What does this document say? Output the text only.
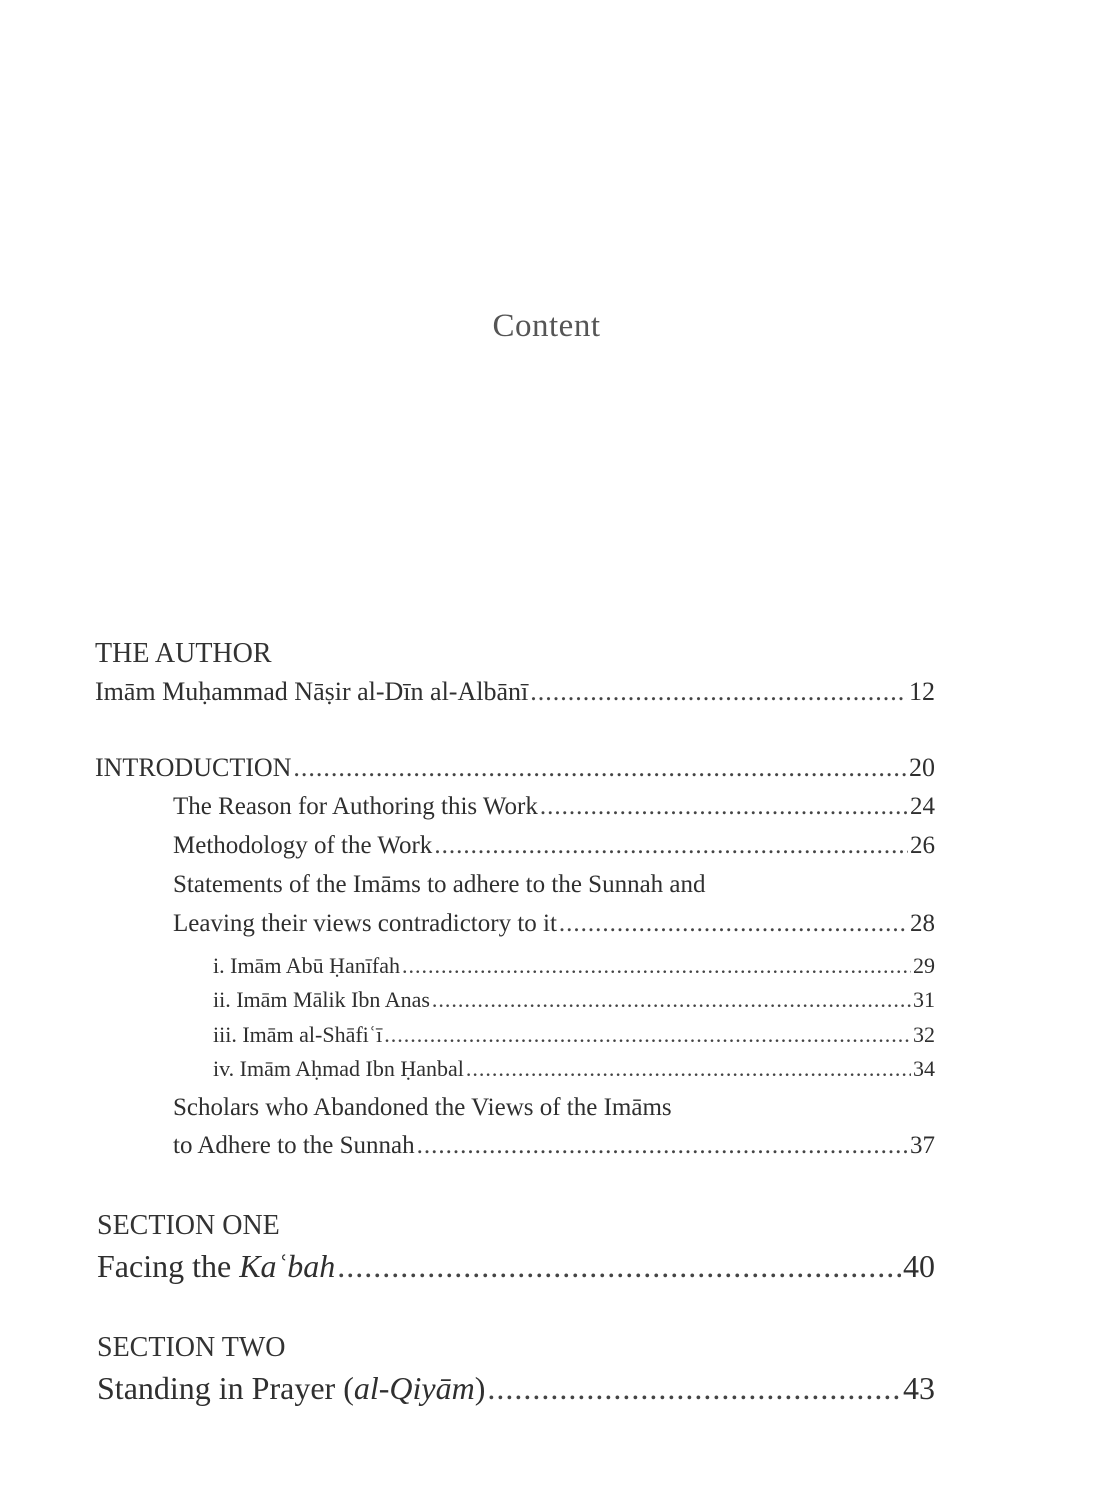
Content
THE AUTHOR
Imām Muḥammad Nāṣir al-Dīn al-Albānī .....	12
INTRODUCTION .....	20
The Reason for Authoring this Work .....	24
Methodology of the Work .....	26
Statements of the Imāms to adhere to the Sunnah and
Leaving their views contradictory to it .....	28
i. Imām Abū Ḥanīfah .....	29
ii. Imām Mālik Ibn Anas .....	31
iii. Imām al-Shāfiʿī .....	32
iv. Imām Aḥmad Ibn Ḥanbal .....	34
Scholars who Abandoned the Views of the Imāms
to Adhere to the Sunnah .....	37
SECTION ONE
Facing the Kaʿbah .....	40
SECTION TWO
Standing in Prayer (al-Qiyām) .....	43
